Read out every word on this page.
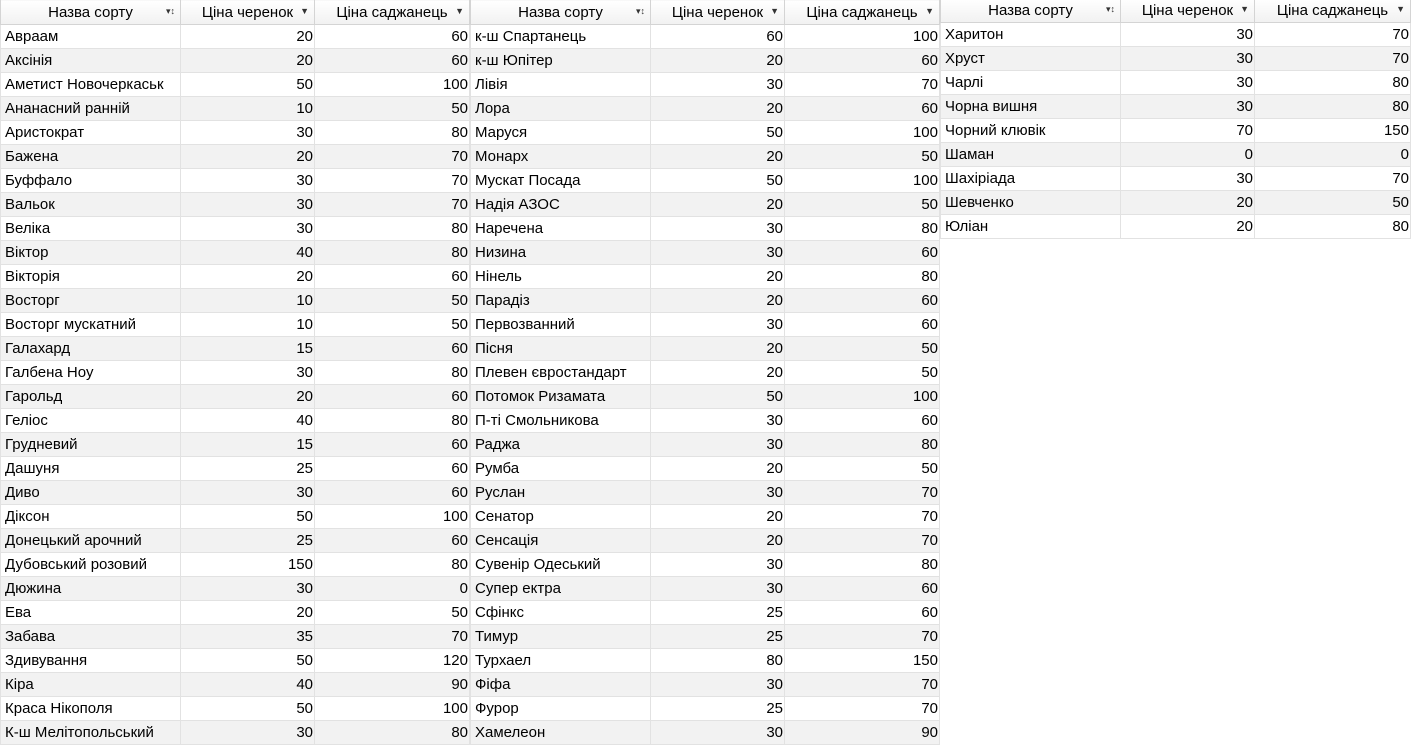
Назва сорту ▾↕	Ціна черенок ▼	Ціна саджанець ▼

Авраам	20	60
Аксінія	20	60
Аметист Новочеркаськ	50	100
Ананасний ранній	10	50
Аристократ	30	80
Бажена	20	70
Буффало	30	70
Вальок	30	70
Веліка	30	80
Віктор	40	80
Вікторія	20	60
Восторг	10	50
Восторг мускатний	10	50
Галахард	15	60
Галбена Ноу	30	80
Гарольд	20	60
Геліос	40	80
Грудневий	15	60
Дашуня	25	60
Диво	30	60
Діксон	50	100
Донецький арочний	25	60
Дубовський розовий	150	80
Дюжина	30	0
Ева	20	50
Забава	35	70
Здивування	50	120
Кіра	40	90
Краса Нікополя	50	100
К-ш Мелітопольський	30	80
Назва сорту ▾↕	Ціна черенок ▼	Ціна саджанець ▼

к-ш Спартанець	60	100
к-ш Юпітер	20	60
Лівія	30	70
Лора	20	60
Маруся	50	100
Монарх	20	50
Мускат Посада	50	100
Надія АЗОС	20	50
Наречена	30	80
Низина	30	60
Нінель	20	80
Парадіз	20	60
Первозванний	30	60
Пісня	20	50
Плевен євростандарт	20	50
Потомок Ризамата	50	100
П-ті Смольникова	30	60
Раджа	30	80
Румба	20	50
Руслан	30	70
Сенатор	20	70
Сенсація	20	70
Сувенір Одеський	30	80
Супер ектра	30	60
Сфінкс	25	60
Тимур	25	70
Турхаел	80	150
Фіфа	30	70
Фурор	25	70
Хамелеон	30	90
Назва сорту ▾↕	Ціна черенок ▼	Ціна саджанець ▼

Харитон	30	70
Хруст	30	70
Чарлі	30	80
Чорна вишня	30	80
Чорний клювік	70	150
Шаман	0	0
Шахіріада	30	70
Шевченко	20	50
Юліан	20	80
